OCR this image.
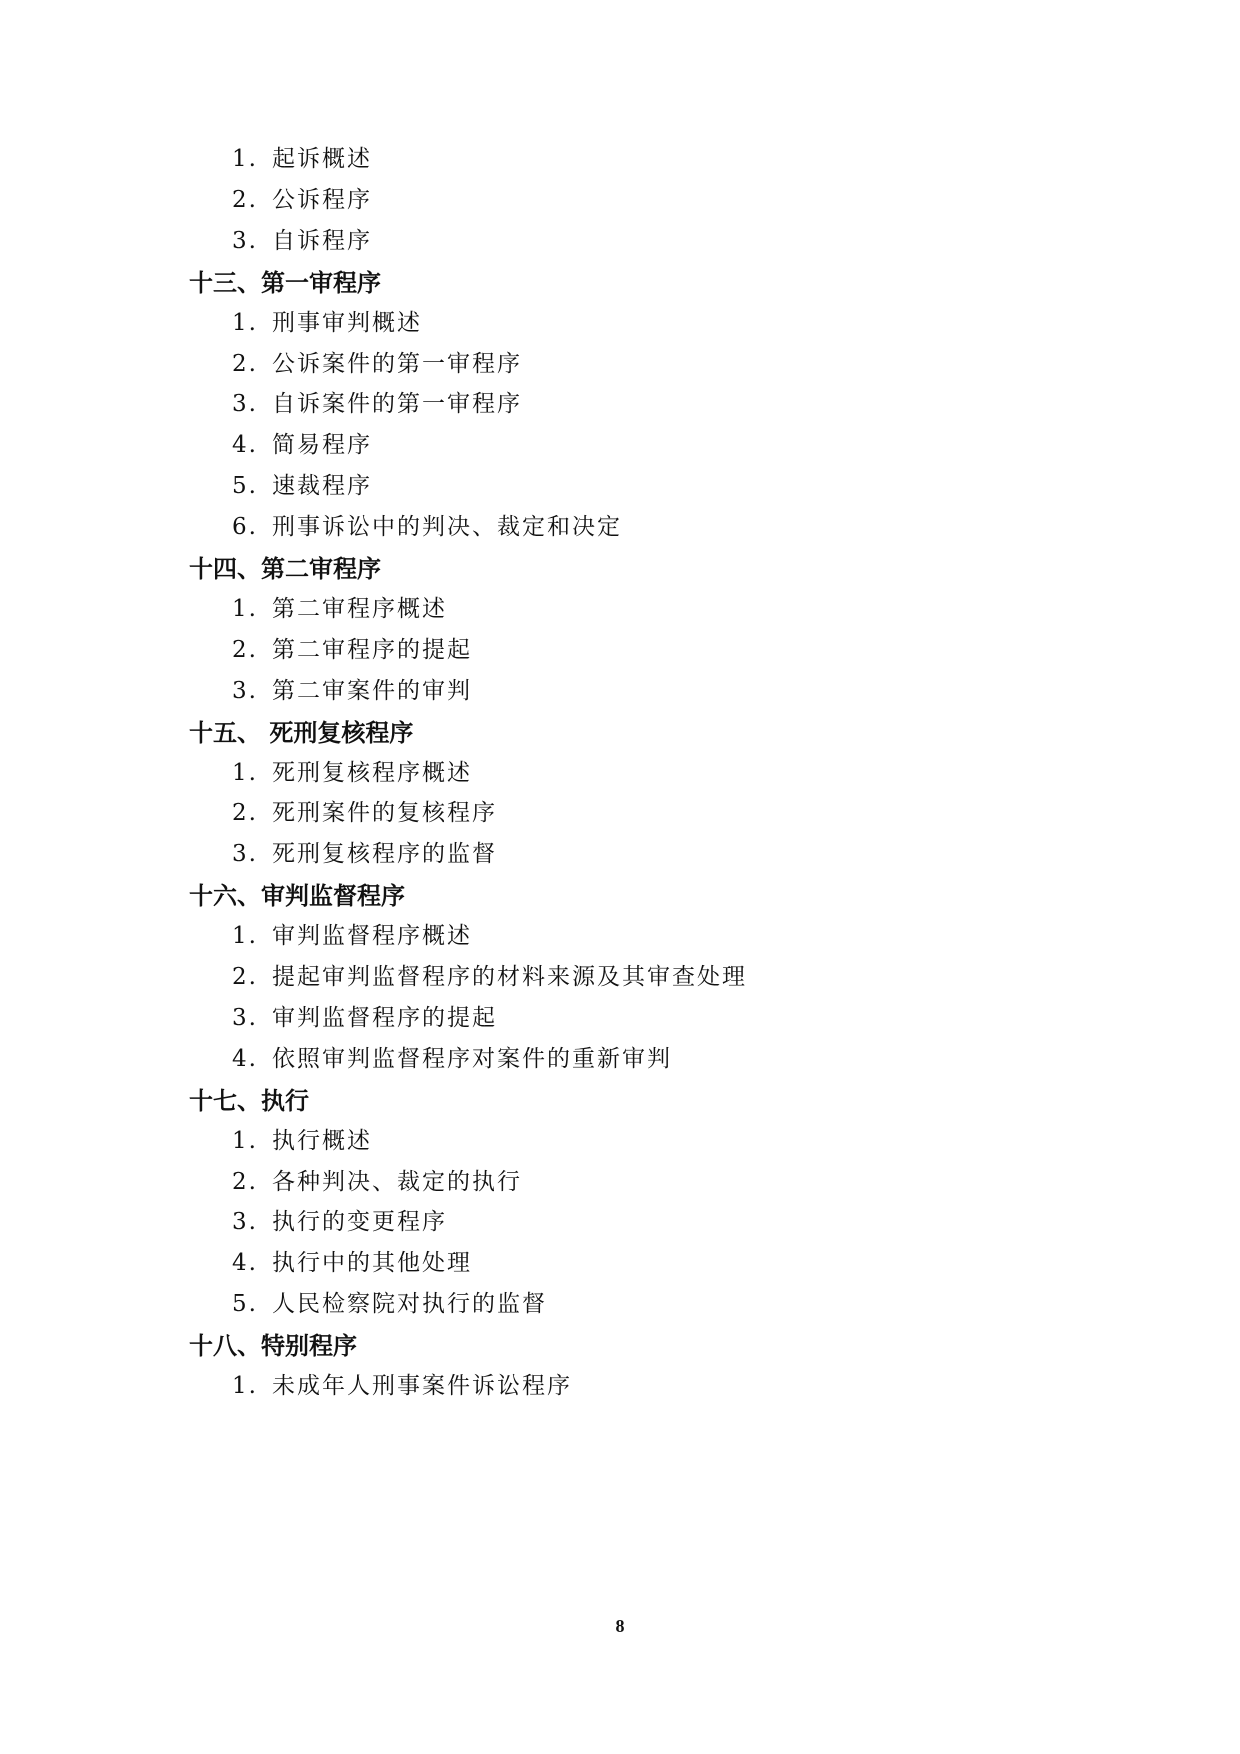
1. 起诉概述
2. 公诉程序
3. 自诉程序
十三、第一审程序
1. 刑事审判概述
2. 公诉案件的第一审程序
3. 自诉案件的第一审程序
4. 简易程序
5. 速裁程序
6. 刑事诉讼中的判决、裁定和决定
十四、第二审程序
1. 第二审程序概述
2. 第二审程序的提起
3. 第二审案件的审判
十五、 死刑复核程序
1. 死刑复核程序概述
2. 死刑案件的复核程序
3. 死刑复核程序的监督
十六、审判监督程序
1. 审判监督程序概述
2. 提起审判监督程序的材料来源及其审查处理
3. 审判监督程序的提起
4. 依照审判监督程序对案件的重新审判
十七、执行
1. 执行概述
2. 各种判决、裁定的执行
3. 执行的变更程序
4. 执行中的其他处理
5. 人民检察院对执行的监督
十八、特别程序
1. 未成年人刑事案件诉讼程序
8
